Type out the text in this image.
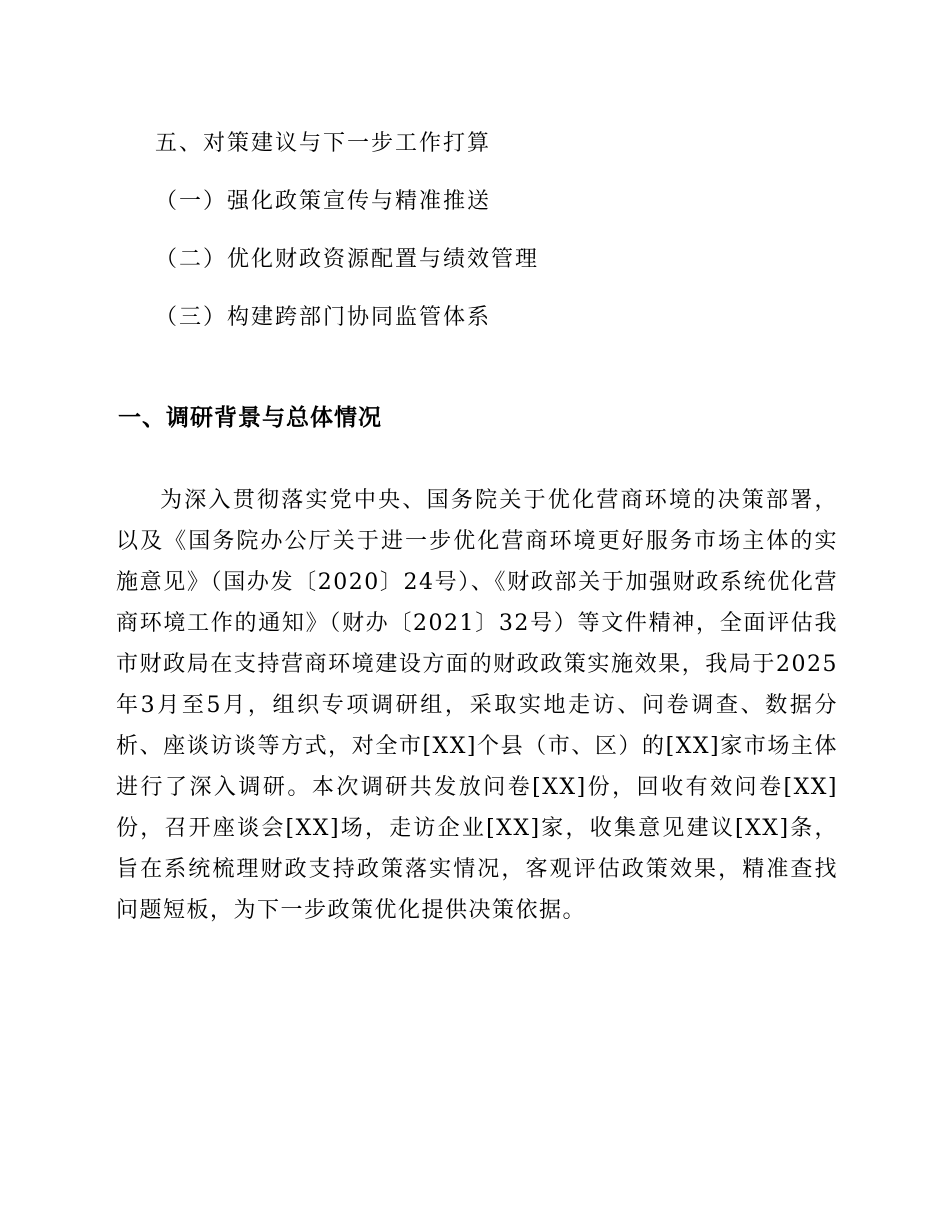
五、对策建议与下一步工作打算
（一）强化政策宣传与精准推送
（二）优化财政资源配置与绩效管理
（三）构建跨部门协同监管体系
一、调研背景与总体情况

为深入贯彻落实党中央、国务院关于优化营商环境的决策部署，以及《国务院办公厅关于进一步优化营商环境更好服务市场主体的实施意见》（国办发〔2020〕24号）、《财政部关于加强财政系统优化营商环境工作的通知》（财办〔2021〕32号）等文件精神，全面评估我市财政局在支持营商环境建设方面的财政政策实施效果，我局于2025年3月至5月，组织专项调研组，采取实地走访、问卷调查、数据分析、座谈访谈等方式，对全市[XX]个县（市、区）的[XX]家市场主体进行了深入调研。本次调研共发放问卷[XX]份，回收有效问卷[XX]份，召开座谈会[XX]场，走访企业[XX]家，收集意见建议[XX]条，旨在系统梳理财政支持政策落实情况，客观评估政策效果，精准查找问题短板，为下一步政策优化提供决策依据。
